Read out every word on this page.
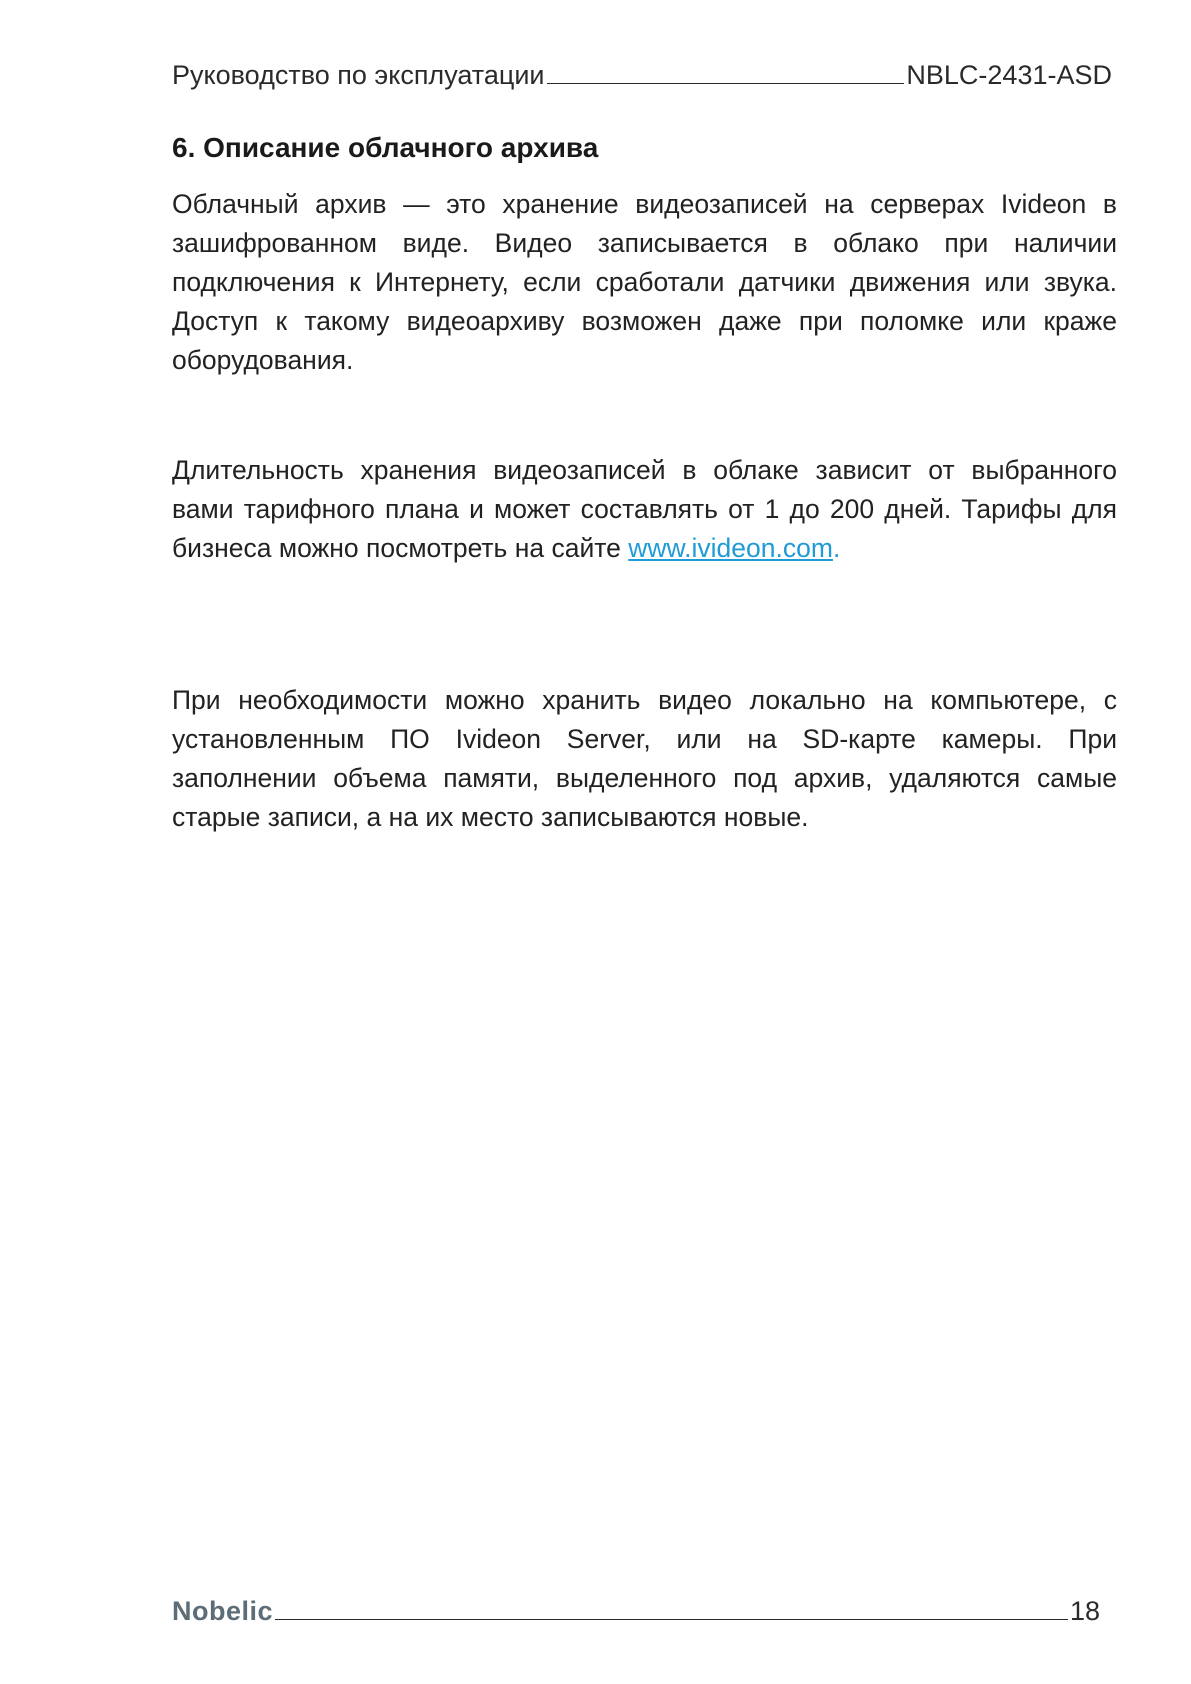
Руководство по эксплуатации	NBLC-2431-ASD
6. Описание облачного архива
Облачный архив — это хранение видеозаписей на серверах Ivideon в зашифрованном виде. Видео записывается в облако при наличии подключения к Интернету, если сработали датчики движения или звука. Доступ к такому видеоархиву возможен даже при поломке или краже оборудования.
Длительность хранения видеозаписей в облаке зависит от выбранного вами тарифного плана и может составлять от 1 до 200 дней. Тарифы для бизнеса можно посмотреть на сайте www.ivideon.com.
При необходимости можно хранить видео локально на компьютере, с установленным ПО Ivideon Server, или на SD-карте камеры. При заполнении объема памяти, выделенного под архив, удаляются самые старые записи, а на их место записываются новые.
Nobelic	18
